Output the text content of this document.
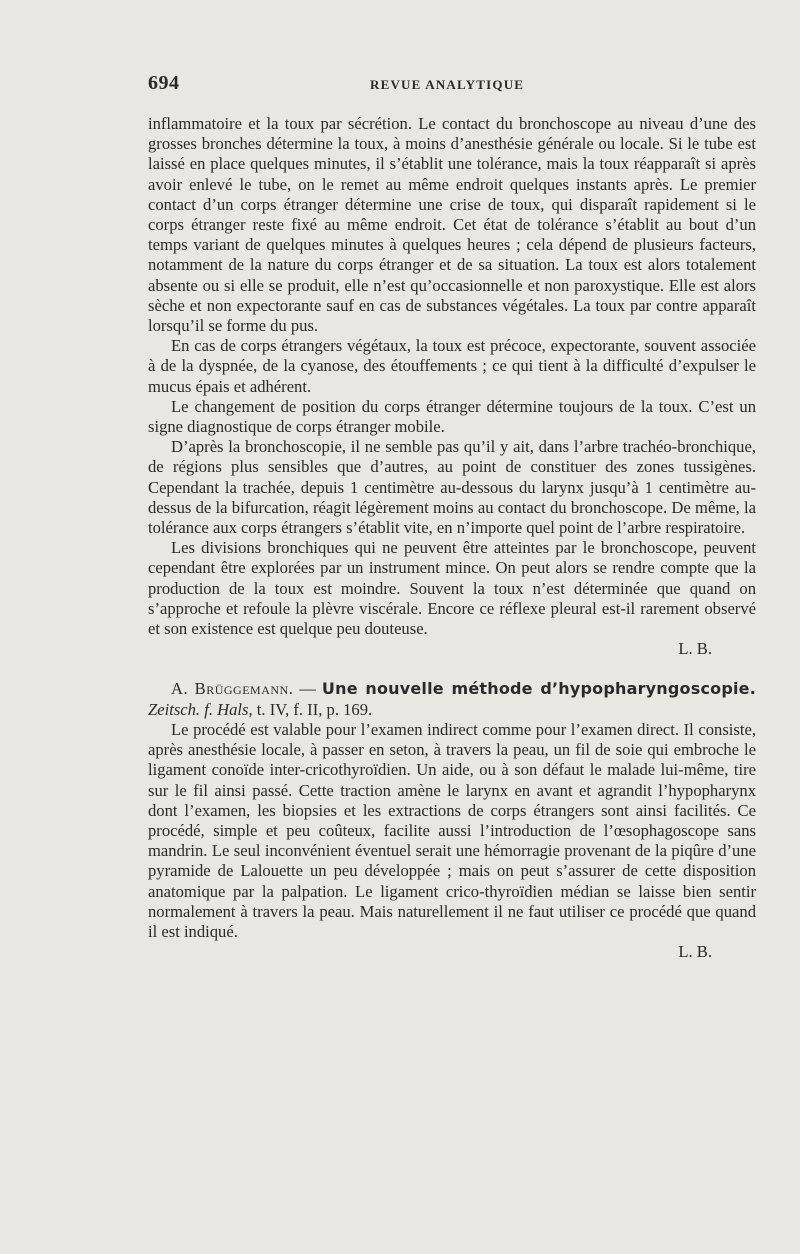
694	REVUE ANALYTIQUE

inflammatoire et la toux par sécrétion. Le contact du bronchoscope au niveau d’une des grosses bronches détermine la toux, à moins d’anesthésie générale ou locale. Si le tube est laissé en place quelques minutes, il s’établit une tolérance, mais la toux réapparaît si après avoir enlevé le tube, on le remet au même endroit quelques instants après. Le premier contact d’un corps étranger détermine une crise de toux, qui disparaît rapidement si le corps étranger reste fixé au même endroit. Cet état de tolérance s’établit au bout d’un temps variant de quelques minutes à quelques heures ; cela dépend de plusieurs facteurs, notamment de la nature du corps étranger et de sa situation. La toux est alors totalement absente ou si elle se produit, elle n’est qu’occasionnelle et non paroxystique. Elle est alors sèche et non expectorante sauf en cas de substances végétales. La toux par contre apparaît lorsqu’il se forme du pus.

En cas de corps étrangers végétaux, la toux est précoce, expectorante, souvent associée à de la dyspnée, de la cyanose, des étouffements ; ce qui tient à la difficulté d’expulser le mucus épais et adhérent.

Le changement de position du corps étranger détermine toujours de la toux. C’est un signe diagnostique de corps étranger mobile.

D’après la bronchoscopie, il ne semble pas qu’il y ait, dans l’arbre trachéo-bronchique, de régions plus sensibles que d’autres, au point de constituer des zones tussigènes. Cependant la trachée, depuis 1 centimètre au-dessous du larynx jusqu’à 1 centimètre au-dessus de la bifurcation, réagit légèrement moins au contact du bronchoscope. De même, la tolérance aux corps étrangers s’établit vite, en n’importe quel point de l’arbre respiratoire.

Les divisions bronchiques qui ne peuvent être atteintes par le bronchoscope, peuvent cependant être explorées par un instrument mince. On peut alors se rendre compte que la production de la toux est moindre. Souvent la toux n’est déterminée que quand on s’approche et refoule la plèvre viscérale. Encore ce réflexe pleural est-il rarement observé et son existence est quelque peu douteuse.

L. B.

A. Brüggemann. — Une nouvelle méthode d’hypopharyngoscopie. Zeitsch. f. Hals, t. IV, f. II, p. 169.

Le procédé est valable pour l’examen indirect comme pour l’examen direct. Il consiste, après anesthésie locale, à passer en seton, à travers la peau, un fil de soie qui embroche le ligament conoïde inter-cricothyroïdien. Un aide, ou à son défaut le malade lui-même, tire sur le fil ainsi passé. Cette traction amène le larynx en avant et agrandit l’hypopharynx dont l’examen, les biopsies et les extractions de corps étrangers sont ainsi facilités. Ce procédé, simple et peu coûteux, facilite aussi l’introduction de l’œsophagoscope sans mandrin. Le seul inconvénient éventuel serait une hémorragie provenant de la piqûre d’une pyramide de Lalouette un peu développée ; mais on peut s’assurer de cette disposition anatomique par la palpation. Le ligament crico-thyroïdien médian se laisse bien sentir normalement à travers la peau. Mais naturellement il ne faut utiliser ce procédé que quand il est indiqué.

L. B.
